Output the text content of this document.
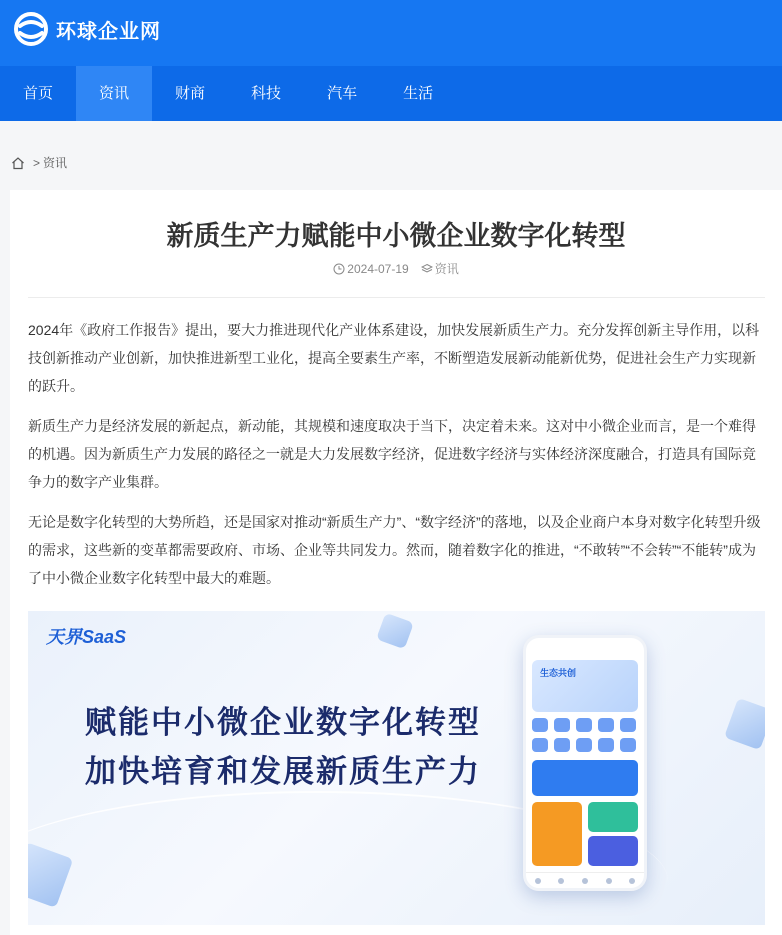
环球企业网
首页	资讯	财商	科技	汽车	生活
> 资讯
新质生产力赋能中小微企业数字化转型
2024-07-19 资讯

2024年《政府工作报告》提出，要大力推进现代化产业体系建设，加快发展新质生产力。充分发挥创新主导作用，以科技创新推动产业创新，加快推进新型工业化，提高全要素生产率，不断塑造发展新动能新优势，促进社会生产力实现新的跃升。

新质生产力是经济发展的新起点，新动能，其规模和速度取决于当下，决定着未来。这对中小微企业而言，是一个难得的机遇。因为新质生产力发展的路径之一就是大力发展数字经济，促进数字经济与实体经济深度融合，打造具有国际竞争力的数字产业集群。

无论是数字化转型的大势所趋，还是国家对推动“新质生产力”、“数字经济”的落地，以及企业商户本身对数字化转型升级的需求，这些新的变革都需要政府、市场、企业等共同发力。然而，随着数字化的推进，“不敢转”“不会转”“不能转”成为了中小微企业数字化转型中最大的难题。

天界SaaS
赋能中小微企业数字化转型
加快培育和发展新质生产力
生态共创
